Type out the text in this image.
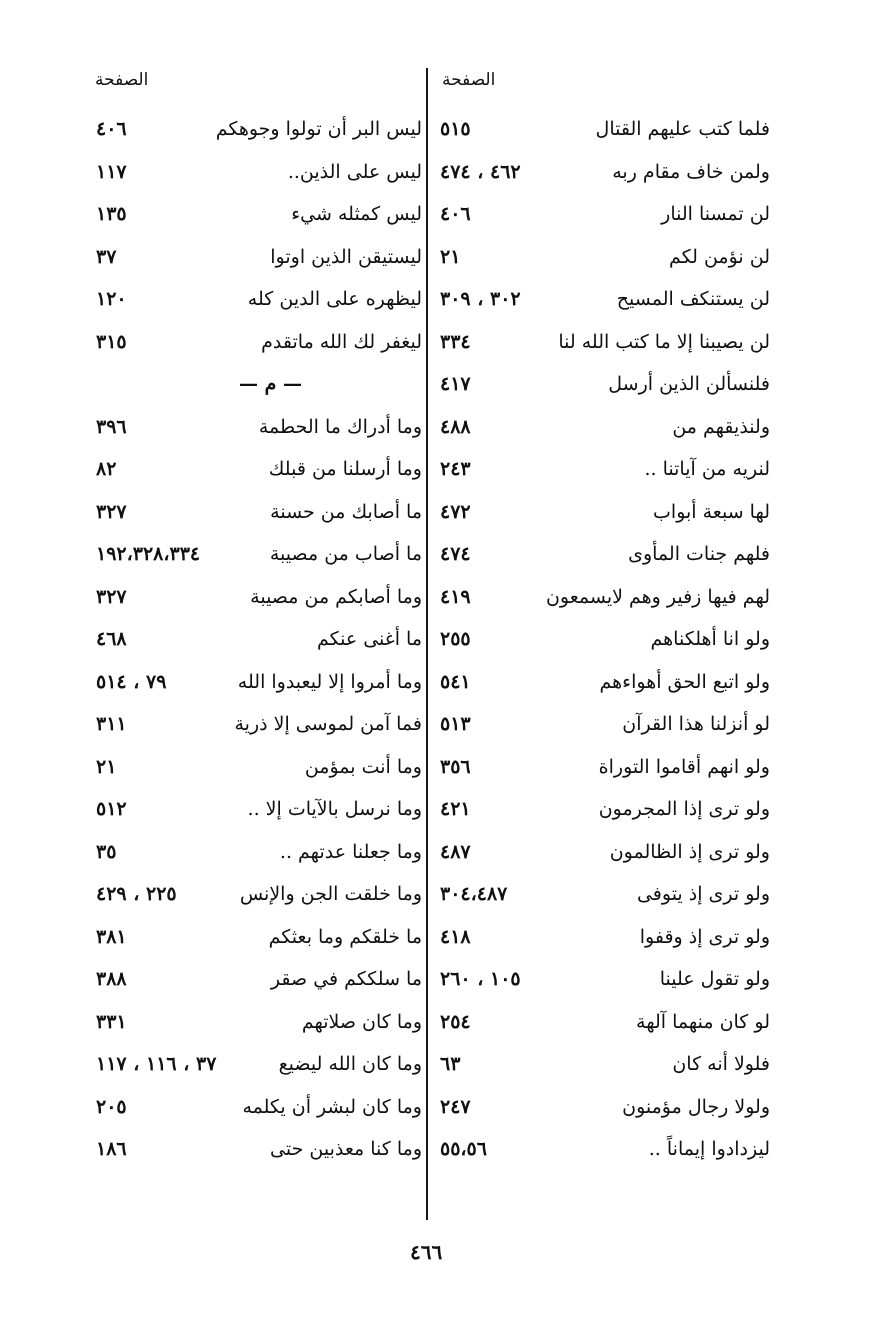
الصفحة	الصفحة
فلما كتب عليهم القتال
٥١٥
ولمن خاف مقام ربه
٤٦٢ ، ٤٧٤
لن تمسنا النار
٤٠٦
لن نؤمن لكم
٢١
لن يستنكف المسيح
٣٠٢ ، ٣٠٩
لن يصيبنا إلا ما كتب الله لنا
٣٣٤
فلنسألن الذين أرسل
٤١٧
ولنذيقهم من
٤٨٨
لنريه من آياتنا ..
٢٤٣
لها سبعة أبواب
٤٧٢
فلهم جنات المأوى
٤٧٤
لهم فيها زفير وهم لايسمعون
٤١٩
ولو انا أهلكناهم
٢٥٥
ولو اتبع الحق أهواءهم
٥٤١
لو أنزلنا هذا القرآن
٥١٣
ولو انهم أقاموا التوراة
٣٥٦
ولو ترى إذا المجرمون
٤٢١
ولو ترى إذ الظالمون
٤٨٧
ولو ترى إذ يتوفى
٣٠٤،٤٨٧
ولو ترى إذ وقفوا
٤١٨
ولو تقول علينا
١٠٥ ، ٢٦٠
لو كان منهما آلهة
٢٥٤
فلولا أنه كان
٦٣
ولولا رجال مؤمنون
٢٤٧
ليزدادوا إيماناً ..
٥٥،٥٦
ليس البر أن تولوا وجوهكم
٤٠٦
ليس على الذين..
١١٧
ليس كمثله شيء
١٣٥
ليستيقن الذين اوتوا
٣٧
ليظهره على الدين كله
١٢٠
ليغفر لك الله ماتقدم
٣١٥
— م —
وما أدراك ما الحطمة
٣٩٦
وما أرسلنا من قبلك
٨٢
ما أصابك من حسنة
٣٢٧
ما أصاب من مصيبة
١٩٢،٣٢٨،٣٣٤
وما أصابكم من مصيبة
٣٢٧
ما أغنى عنكم
٤٦٨
وما أمروا إلا ليعبدوا الله
٧٩ ، ٥١٤
فما آمن لموسى إلا ذرية
٣١١
وما أنت بمؤمن
٢١
وما نرسل بالآيات إلا ..
٥١٢
وما جعلنا عدتهم ..
٣٥
وما خلقت الجن والإنس
٢٢٥ ، ٤٢٩
ما خلقكم وما بعثكم
٣٨١
ما سلككم في صقر
٣٨٨
وما كان صلاتهم
٣٣١
وما كان الله ليضيع
٣٧ ، ١١٦ ، ١١٧
وما كان لبشر أن يكلمه
٢٠٥
وما كنا معذبين حتى
١٨٦
٤٦٦
